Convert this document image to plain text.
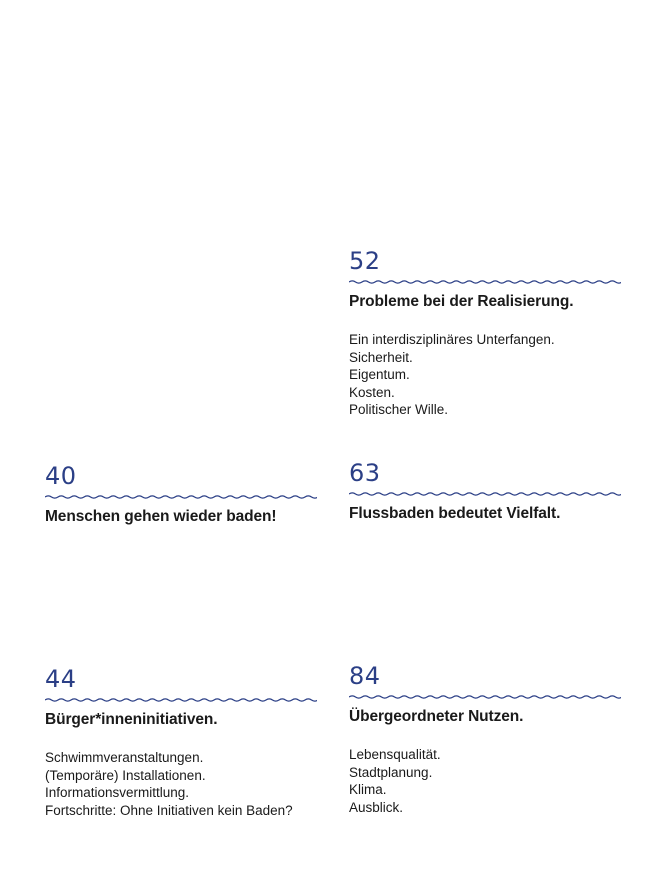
52
Probleme bei der Realisierung.
Ein interdisziplinäres Unterfangen.
Sicherheit.
Eigentum.
Kosten.
Politischer Wille.
40
Menschen gehen wieder baden!
63
Flussbaden bedeutet Vielfalt.
44
Bürger*inneninitiativen.
Schwimmveranstaltungen.
(Temporäre) Installationen.
Informationsvermittlung.
Fortschritte: Ohne Initiativen kein Baden?
84
Übergeordneter Nutzen.
Lebensqualität.
Stadtplanung.
Klima.
Ausblick.
